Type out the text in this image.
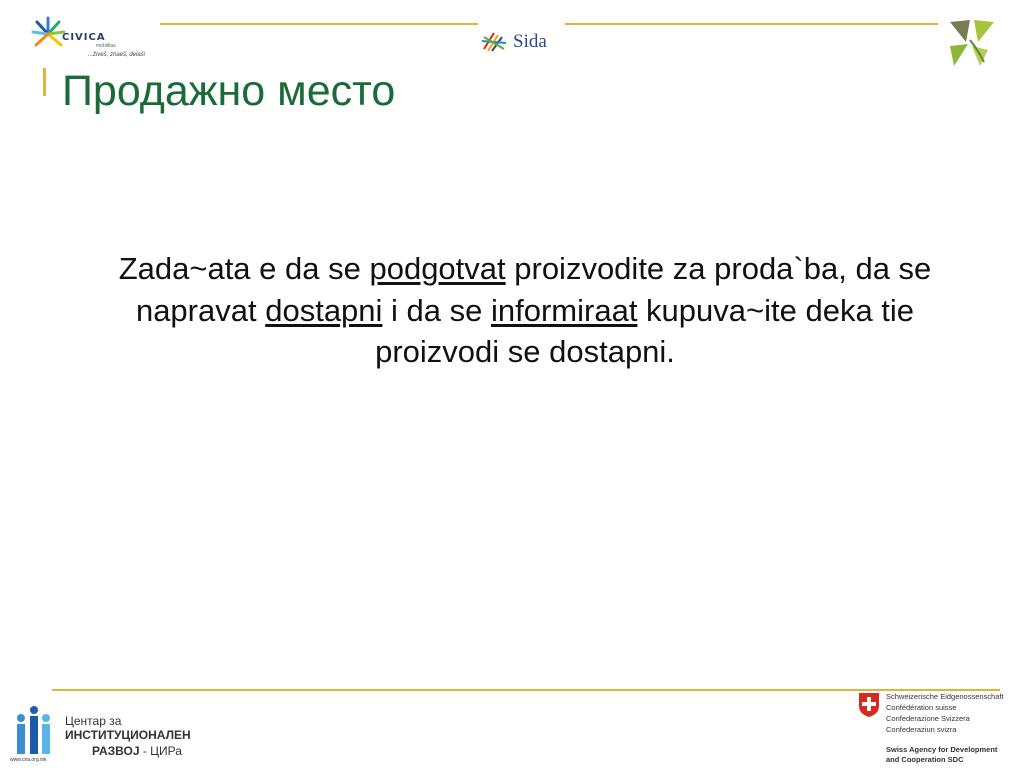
CIVICA
mobilitas
...živeš, znaeš, delaš!
Sida
Продажно место

Zada~ata e da se podgotvat proizvodite za proda`ba, da se napravat dostapni i da se informiraat kupuva~ite deka tie proizvodi se dostapni.

Центар за
ИНСТИТУЦИОНАЛЕН
РАЗВОЈ - ЦИРа
www.cira.org.mk
Schweizerische Eidgenossenschaft
Confédération suisse
Confederazione Svizzera
Confederaziun svizra
Swiss Agency for Development
and Cooperation SDC
